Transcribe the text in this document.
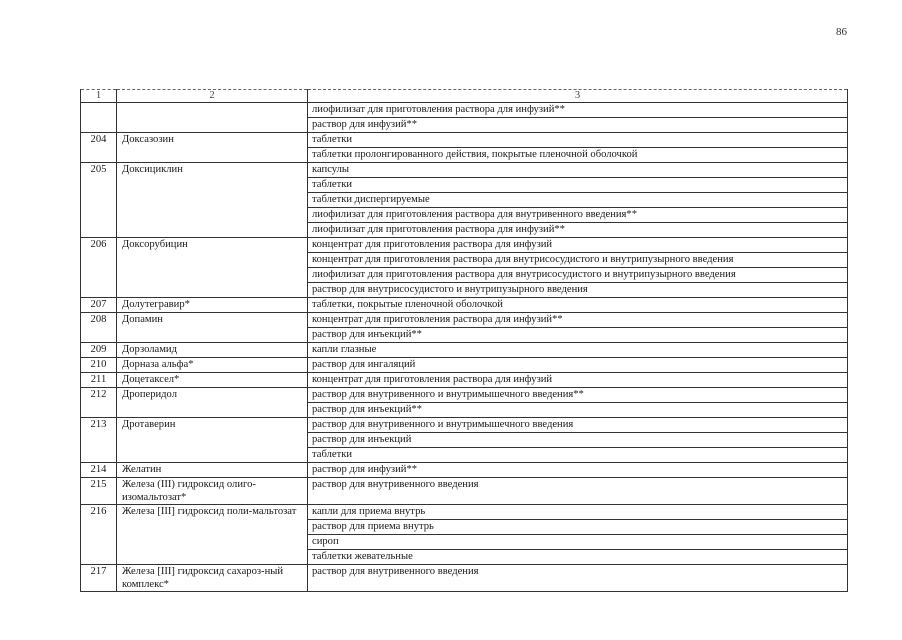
86
1	2	3
		лиофилизат для приготовления раствора для инфузий**
		раствор для инфузий**
204	Доксазозин	таблетки
		таблетки пролонгированного действия, покрытые пленочной оболочкой
205	Доксициклин	капсулы
		таблетки
		таблетки диспергируемые
		лиофилизат для приготовления раствора для внутривенного введения**
		лиофилизат для приготовления раствора для инфузий**
206	Доксорубицин	концентрат для приготовления раствора для инфузий
		концентрат для приготовления раствора для внутрисосудистого и внутрипузырного введения
		лиофилизат для приготовления раствора для внутрисосудистого и внутрипузырного введения
		раствор для внутрисосудистого и внутрипузырного введения
207	Долутегравир*	таблетки, покрытые пленочной оболочкой
208	Допамин	концентрат для приготовления раствора для инфузий**
		раствор для инъекций**
209	Дорзоламид	капли глазные
210	Дорназа альфа*	раствор для ингаляций
211	Доцетаксел*	концентрат для приготовления раствора для инфузий
212	Дроперидол	раствор для внутривенного и внутримышечного введения**
		раствор для инъекций**
213	Дротаверин	раствор для внутривенного и внутримышечного введения
		раствор для инъекций
		таблетки
214	Желатин	раствор для инфузий**
215	Железа (III) гидроксид олиго-изомальтозат*	раствор для внутривенного введения
216	Железа [III] гидроксид поли-мальтозат	капли для приема внутрь
		раствор для приема внутрь
		сироп
		таблетки жевательные
217	Железа [III] гидроксид сахароз-ный комплекс*	раствор для внутривенного введения
